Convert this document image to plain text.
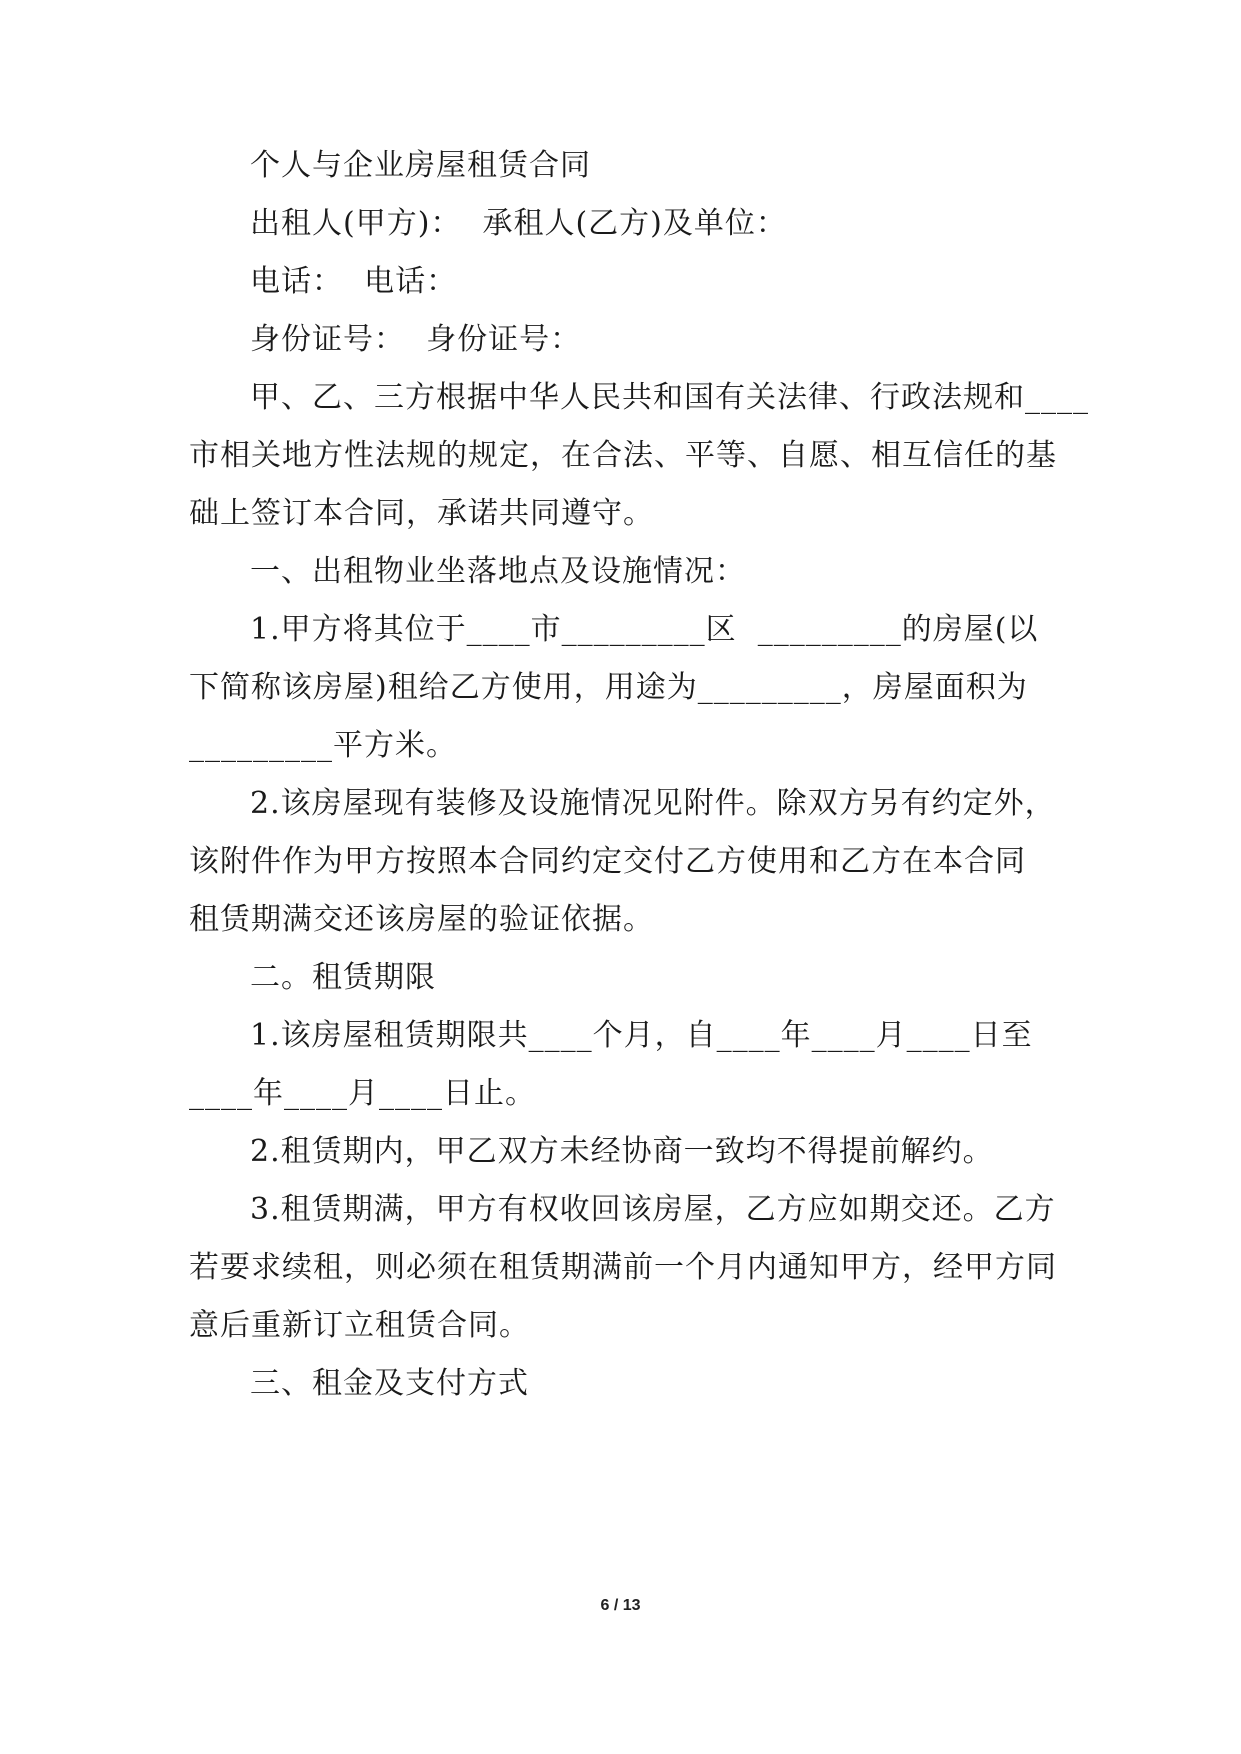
个人与企业房屋租赁合同
出租人(甲方)：  承租人(乙方)及单位：
电话：  电话：
身份证号：  身份证号：
甲、乙、三方根据中华人民共和国有关法律、行政法规和____
市相关地方性法规的规定，在合法、平等、自愿、相互信任的基
础上签订本合同，承诺共同遵守。
一、出租物业坐落地点及设施情况：
1.甲方将其位于____市_________区  _________的房屋(以
下简称该房屋)租给乙方使用，用途为_________，房屋面积为
_________平方米。
2.该房屋现有装修及设施情况见附件。除双方另有约定外，
该附件作为甲方按照本合同约定交付乙方使用和乙方在本合同
租赁期满交还该房屋的验证依据。
二。租赁期限
1.该房屋租赁期限共____个月，自____年____月____日至
____年____月____日止。
2.租赁期内，甲乙双方未经协商一致均不得提前解约。
3.租赁期满，甲方有权收回该房屋，乙方应如期交还。乙方
若要求续租，则必须在租赁期满前一个月内通知甲方，经甲方同
意后重新订立租赁合同。
三、租金及支付方式
6 / 13
